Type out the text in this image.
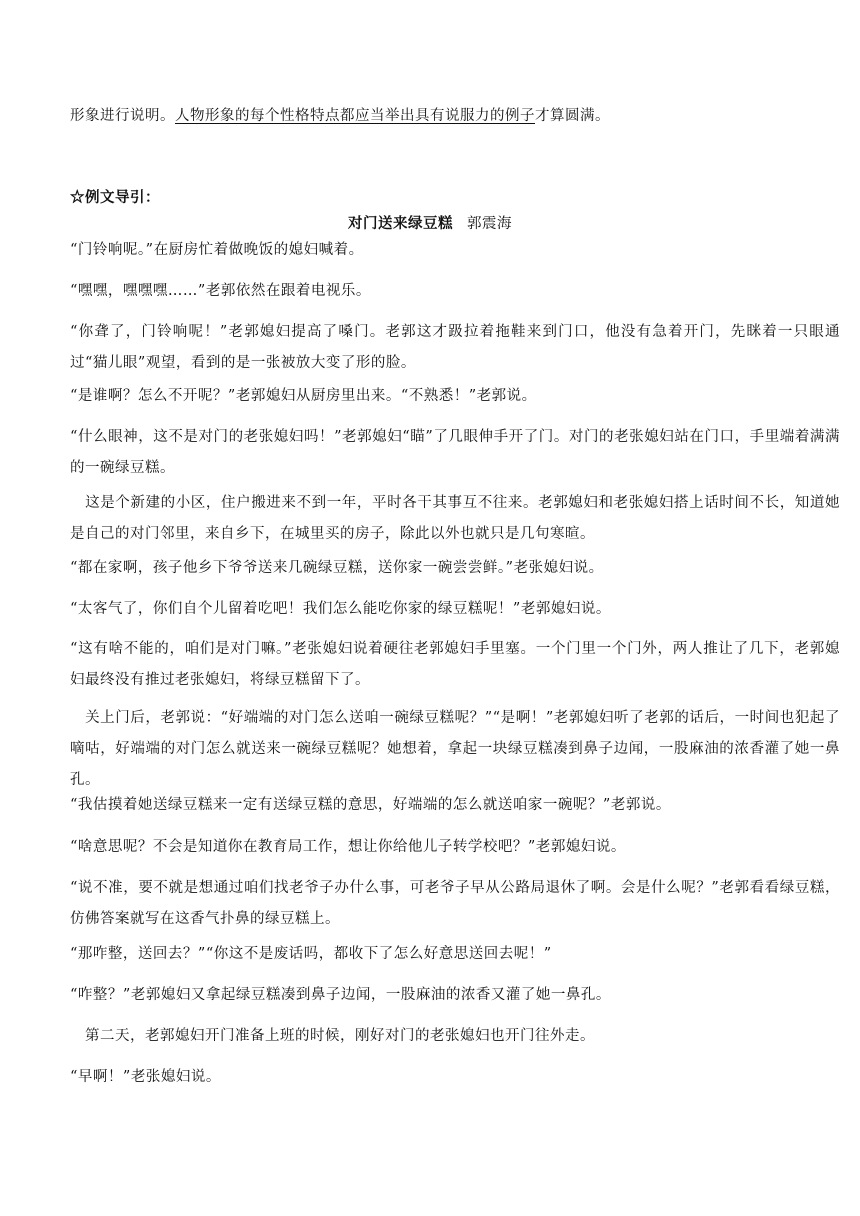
形象进行说明。人物形象的每个性格特点都应当举出具有说服力的例子才算圆满。
☆例文导引：
对门送来绿豆糕 郭震海
“门铃响呢。”在厨房忙着做晚饭的媳妇喊着。
“嘿嘿，嘿嘿嘿……”老郭依然在跟着电视乐。
“你聋了，门铃响呢！”老郭媳妇提高了嗓门。老郭这才趿拉着拖鞋来到门口，他没有急着开门，先眯着一只眼通过“猫儿眼”观望，看到的是一张被放大变了形的脸。
“是谁啊？怎么不开呢？”老郭媳妇从厨房里出来。“不熟悉！”老郭说。
“什么眼神，这不是对门的老张媳妇吗！”老郭媳妇“瞄”了几眼伸手开了门。对门的老张媳妇站在门口，手里端着满满的一碗绿豆糕。
　这是个新建的小区，住户搬进来不到一年，平时各干其事互不往来。老郭媳妇和老张媳妇搭上话时间不长，知道她是自己的对门邻里，来自乡下，在城里买的房子，除此以外也就只是几句寒暄。
“都在家啊，孩子他乡下爷爷送来几碗绿豆糕，送你家一碗尝尝鲜。”老张媳妇说。
“太客气了，你们自个儿留着吃吧！我们怎么能吃你家的绿豆糕呢！”老郭媳妇说。
“这有啥不能的，咱们是对门嘛。”老张媳妇说着硬往老郭媳妇手里塞。一个门里一个门外，两人推让了几下，老郭媳妇最终没有推过老张媳妇，将绿豆糕留下了。
　关上门后，老郭说：“好端端的对门怎么送咱一碗绿豆糕呢？”“是啊！”老郭媳妇听了老郭的话后，一时间也犯起了嘀咕，好端端的对门怎么就送来一碗绿豆糕呢？她想着，拿起一块绿豆糕凑到鼻子边闻，一股麻油的浓香灌了她一鼻孔。
“我估摸着她送绿豆糕来一定有送绿豆糕的意思，好端端的怎么就送咱家一碗呢？”老郭说。
“啥意思呢？不会是知道你在教育局工作，想让你给他儿子转学校吧？”老郭媳妇说。
“说不准，要不就是想通过咱们找老爷子办什么事，可老爷子早从公路局退休了啊。会是什么呢？”老郭看看绿豆糕，仿佛答案就写在这香气扑鼻的绿豆糕上。
“那咋整，送回去？”“你这不是废话吗，都收下了怎么好意思送回去呢！”
“咋整？”老郭媳妇又拿起绿豆糕凑到鼻子边闻，一股麻油的浓香又灌了她一鼻孔。
　第二天，老郭媳妇开门准备上班的时候，刚好对门的老张媳妇也开门往外走。
“早啊！”老张媳妇说。
